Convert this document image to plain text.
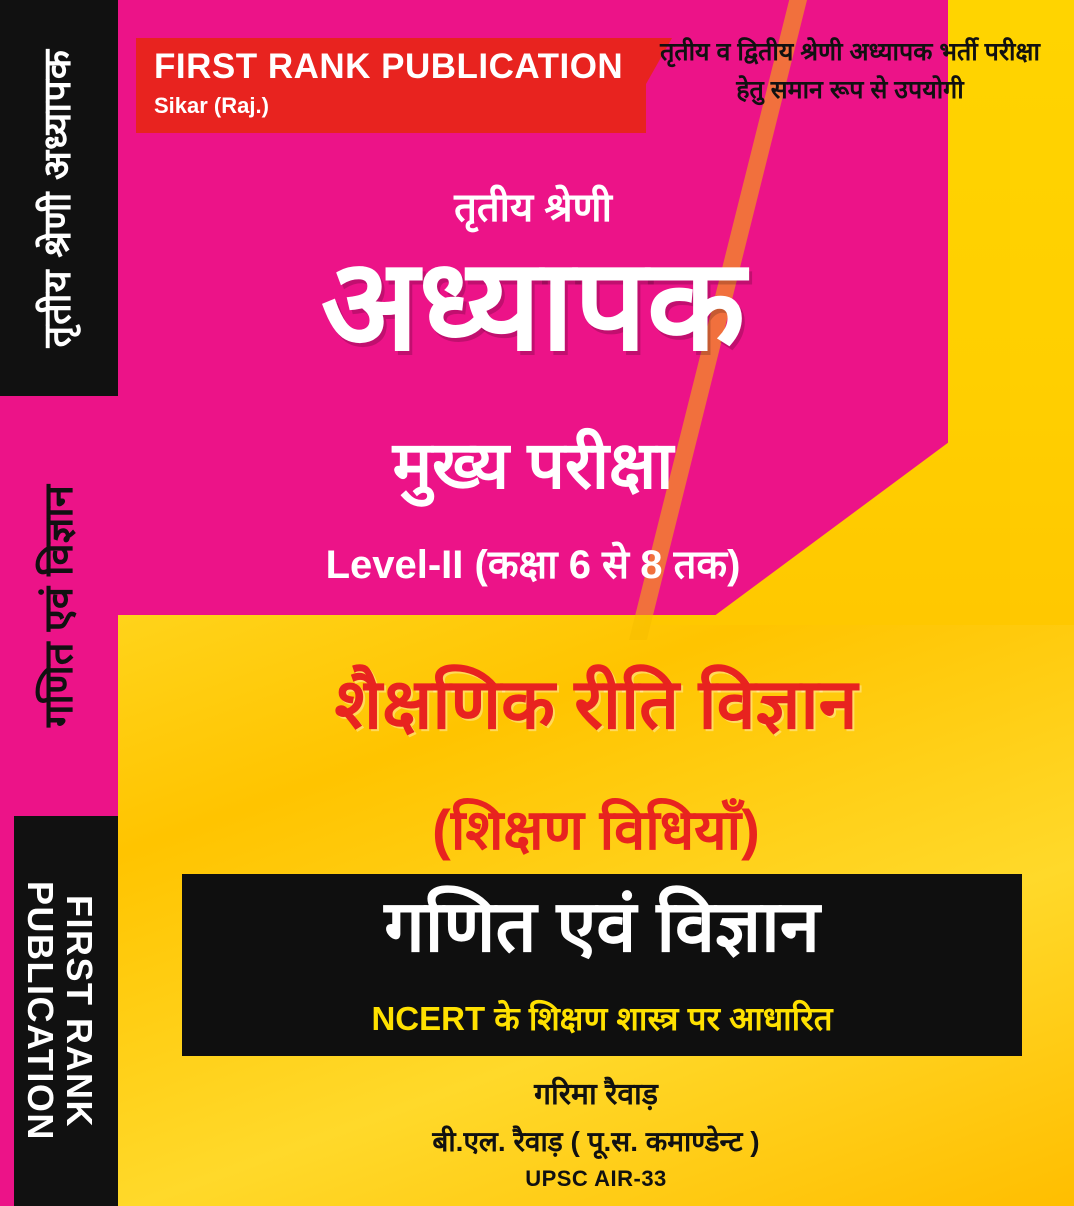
तृतीय श्रेणी अध्यापक
गणित एवं विज्ञान
FIRST RANK PUBLICATION
FIRST RANK PUBLICATION
Sikar (Raj.)
तृतीय व द्वितीय श्रेणी अध्यापक भर्ती परीक्षा हेतु समान रूप से उपयोगी
तृतीय श्रेणी
अध्यापक
मुख्य परीक्षा
Level-II (कक्षा 6 से 8 तक)
शैक्षणिक रीति विज्ञान
(शिक्षण विधियाँ)
गणित एवं विज्ञान
NCERT के शिक्षण शास्त्र पर आधारित
गरिमा रैवाड़
बी.एल. रैवाड़ ( पू.स. कमाण्डेन्ट )
UPSC AIR-33
